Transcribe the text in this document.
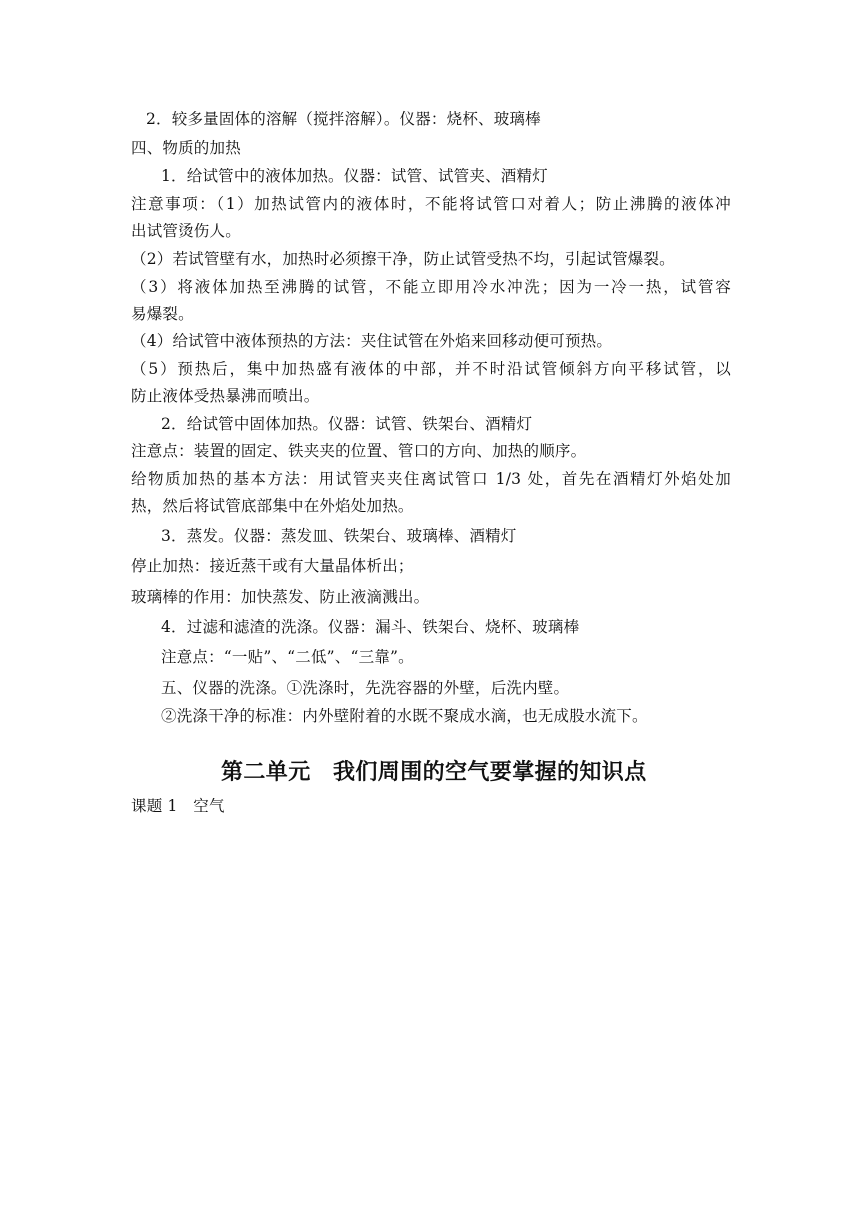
2．较多量固体的溶解（搅拌溶解）。仪器：烧杯、玻璃棒
四、物质的加热
1．给试管中的液体加热。仪器：试管、试管夹、酒精灯
注意事项：（1）加热试管内的液体时，不能将试管口对着人；防止沸腾的液体冲
出试管烫伤人。
（2）若试管壁有水，加热时必须擦干净，防止试管受热不均，引起试管爆裂。
（3）将液体加热至沸腾的试管，不能立即用冷水冲洗；因为一冷一热，试管容
易爆裂。
（4）给试管中液体预热的方法：夹住试管在外焰来回移动便可预热。
（5）预热后，集中加热盛有液体的中部，并不时沿试管倾斜方向平移试管，以
防止液体受热暴沸而喷出。
2．给试管中固体加热。仪器：试管、铁架台、酒精灯
注意点：装置的固定、铁夹夹的位置、管口的方向、加热的顺序。
给物质加热的基本方法：用试管夹夹住离试管口 1/3 处，首先在酒精灯外焰处加
热，然后将试管底部集中在外焰处加热。
3．蒸发。仪器：蒸发皿、铁架台、玻璃棒、酒精灯
停止加热：接近蒸干或有大量晶体析出；
玻璃棒的作用：加快蒸发、防止液滴溅出。
4．过滤和滤渣的洗涤。仪器：漏斗、铁架台、烧杯、玻璃棒
注意点：“一贴”、“二低”、“三靠”。
五、仪器的洗涤。①洗涤时，先洗容器的外壁，后洗内壁。
②洗涤干净的标准：内外壁附着的水既不聚成水滴，也无成股水流下。
第二单元　我们周围的空气要掌握的知识点
课题 1　空气
